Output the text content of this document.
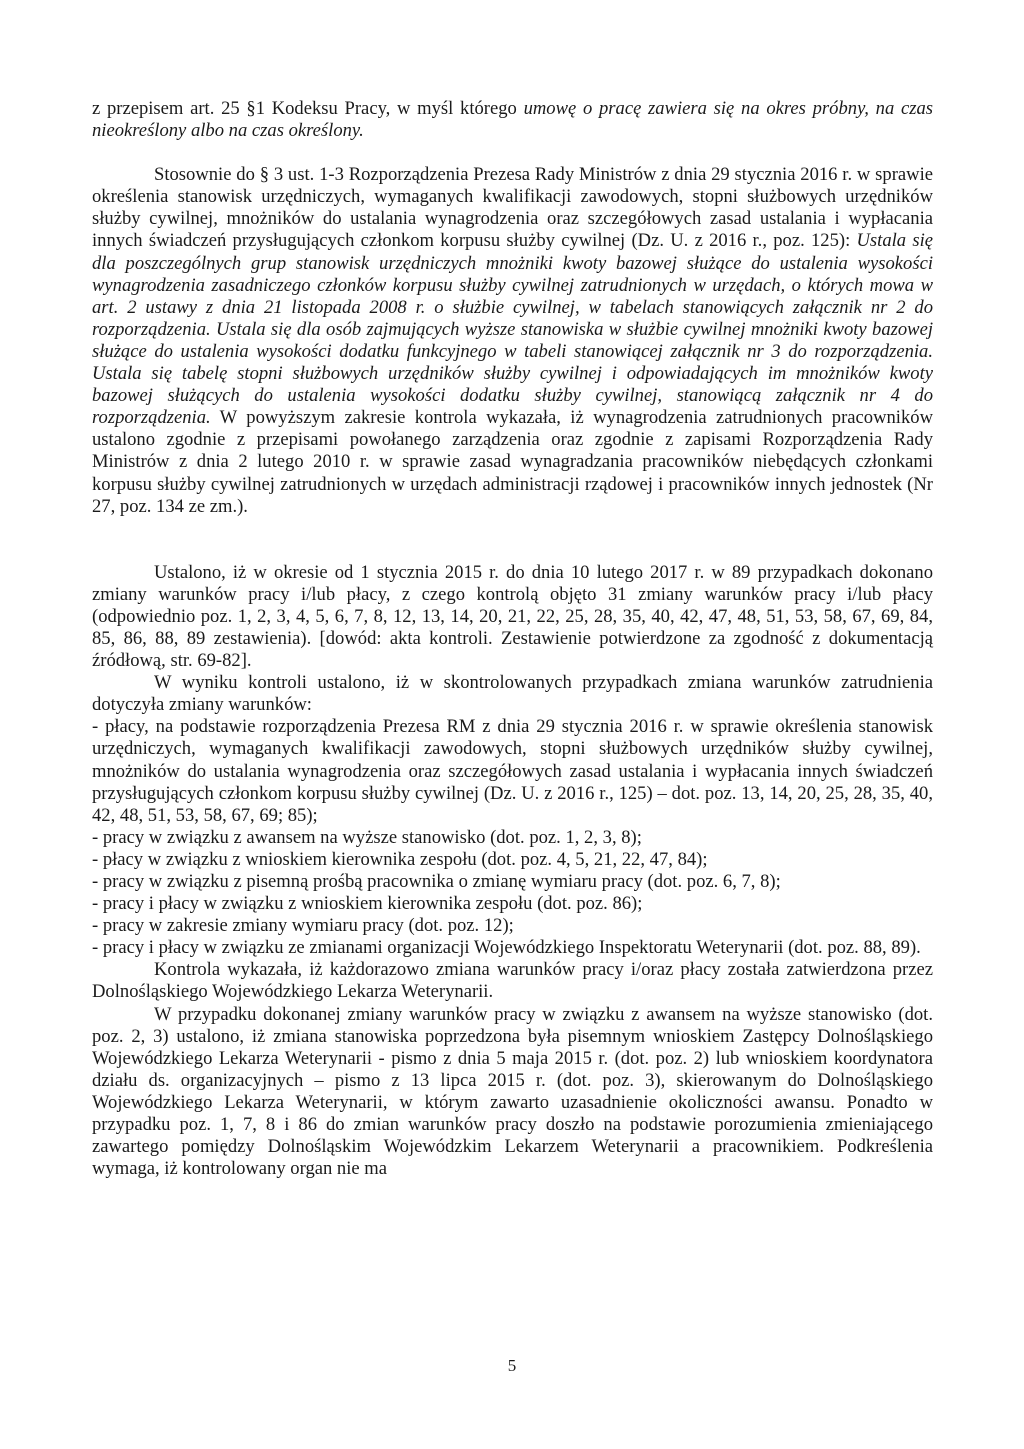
z przepisem art. 25 §1 Kodeksu Pracy, w myśl którego umowę o pracę zawiera się na okres próbny, na czas nieokreślony albo na czas określony.

Stosownie do § 3 ust. 1-3 Rozporządzenia Prezesa Rady Ministrów z dnia 29 stycznia 2016 r. w sprawie określenia stanowisk urzędniczych, wymaganych kwalifikacji zawodowych, stopni służbowych urzędników służby cywilnej, mnożników do ustalania wynagrodzenia oraz szczegółowych zasad ustalania i wypłacania innych świadczeń przysługujących członkom korpusu służby cywilnej (Dz. U. z 2016 r., poz. 125): Ustala się dla poszczególnych grup stanowisk urzędniczych mnożniki kwoty bazowej służące do ustalenia wysokości wynagrodzenia zasadniczego członków korpusu służby cywilnej zatrudnionych w urzędach, o których mowa w art. 2 ustawy z dnia 21 listopada 2008 r. o służbie cywilnej, w tabelach stanowiących załącznik nr 2 do rozporządzenia. Ustala się dla osób zajmujących wyższe stanowiska w służbie cywilnej mnożniki kwoty bazowej służące do ustalenia wysokości dodatku funkcyjnego w tabeli stanowiącej załącznik nr 3 do rozporządzenia. Ustala się tabelę stopni służbowych urzędników służby cywilnej i odpowiadających im mnożników kwoty bazowej służących do ustalenia wysokości dodatku służby cywilnej, stanowiącą załącznik nr 4 do rozporządzenia. W powyższym zakresie kontrola wykazała, iż wynagrodzenia zatrudnionych pracowników ustalono zgodnie z przepisami powołanego zarządzenia oraz zgodnie z zapisami Rozporządzenia Rady Ministrów z dnia 2 lutego 2010 r. w sprawie zasad wynagradzania pracowników niebędących członkami korpusu służby cywilnej zatrudnionych w urzędach administracji rządowej i pracowników innych jednostek (Nr 27, poz. 134 ze zm.).

Ustalono, iż w okresie od 1 stycznia 2015 r. do dnia 10 lutego 2017 r. w 89 przypadkach dokonano zmiany warunków pracy i/lub płacy, z czego kontrolą objęto 31 zmiany warunków pracy i/lub płacy (odpowiednio poz. 1, 2, 3, 4, 5, 6, 7, 8, 12, 13, 14, 20, 21, 22, 25, 28, 35, 40, 42, 47, 48, 51, 53, 58, 67, 69, 84, 85, 86, 88, 89 zestawienia). [dowód: akta kontroli. Zestawienie potwierdzone za zgodność z dokumentacją źródłową, str. 69-82].

W wyniku kontroli ustalono, iż w skontrolowanych przypadkach zmiana warunków zatrudnienia dotyczyła zmiany warunków:

- płacy, na podstawie rozporządzenia Prezesa RM z dnia 29 stycznia 2016 r. w sprawie określenia stanowisk urzędniczych, wymaganych kwalifikacji zawodowych, stopni służbowych urzędników służby cywilnej, mnożników do ustalania wynagrodzenia oraz szczegółowych zasad ustalania i wypłacania innych świadczeń przysługujących członkom korpusu służby cywilnej (Dz. U. z 2016 r., 125) – dot. poz. 13, 14, 20, 25, 28, 35, 40, 42, 48, 51, 53, 58, 67, 69; 85);

- pracy w związku z awansem na wyższe stanowisko (dot. poz. 1, 2, 3, 8);

- płacy w związku z wnioskiem kierownika zespołu (dot. poz. 4, 5, 21, 22, 47, 84);

- pracy w związku z pisemną prośbą pracownika o zmianę wymiaru pracy (dot. poz. 6, 7, 8);

- pracy i płacy w związku z wnioskiem kierownika zespołu (dot. poz. 86);

- pracy w zakresie zmiany wymiaru pracy (dot. poz. 12);

- pracy i płacy w związku ze zmianami organizacji Wojewódzkiego Inspektoratu Weterynarii (dot. poz. 88, 89).

Kontrola wykazała, iż każdorazowo zmiana warunków pracy i/oraz płacy została zatwierdzona przez Dolnośląskiego Wojewódzkiego Lekarza Weterynarii.

W przypadku dokonanej zmiany warunków pracy w związku z awansem na wyższe stanowisko (dot. poz. 2, 3) ustalono, iż zmiana stanowiska poprzedzona była pisemnym wnioskiem Zastępcy Dolnośląskiego Wojewódzkiego Lekarza Weterynarii - pismo z dnia 5 maja 2015 r. (dot. poz. 2) lub wnioskiem koordynatora działu ds. organizacyjnych – pismo z 13 lipca 2015 r. (dot. poz. 3), skierowanym do Dolnośląskiego Wojewódzkiego Lekarza Weterynarii, w którym zawarto uzasadnienie okoliczności awansu. Ponadto w przypadku poz. 1, 7, 8 i 86 do zmian warunków pracy doszło na podstawie porozumienia zmieniającego zawartego pomiędzy Dolnośląskim Wojewódzkim Lekarzem Weterynarii a pracownikiem. Podkreślenia wymaga, iż kontrolowany organ nie ma

5
